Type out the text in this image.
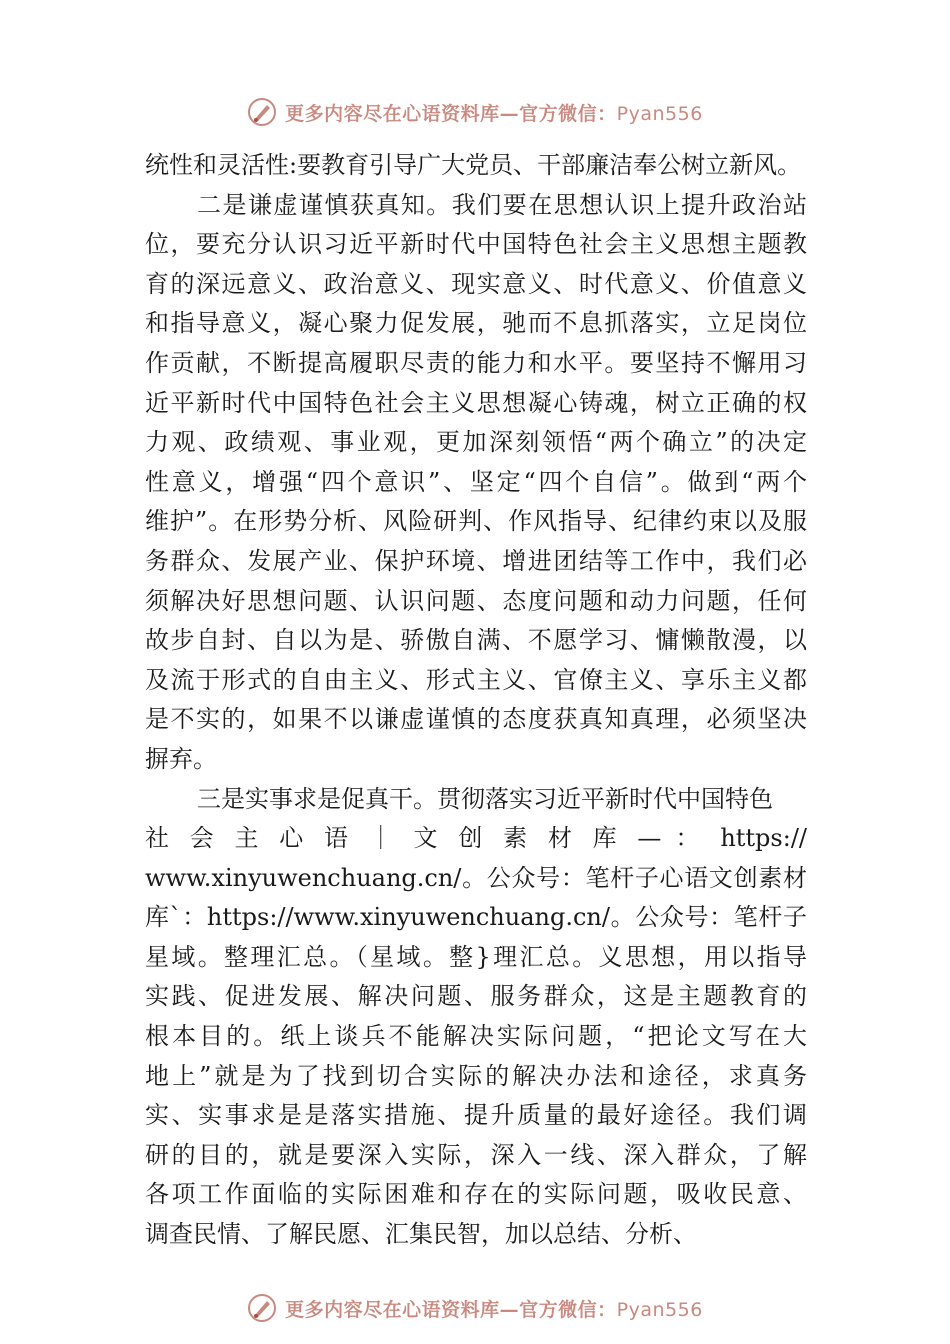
更多内容尽在心语资料库—官方微信：Pyan556
统性和灵活性:要教育引导广大党员、干部廉洁奉公树立新风。
二是谦虚谨慎获真知。我们要在思想认识上提升政治站
位，要充分认识习近平新时代中国特色社会主义思想主题教
育的深远意义、政治意义、现实意义、时代意义、价值意义
和指导意义，凝心聚力促发展，驰而不息抓落实，立足岗位
作贡献，不断提高履职尽责的能力和水平。要坚持不懈用习
近平新时代中国特色社会主义思想凝心铸魂，树立正确的权
力观、政绩观、事业观，更加深刻领悟“两个确立”的决定
性意义，增强“四个意识”、坚定“四个自信”。做到“两个
维护”。在形势分析、风险研判、作风指导、纪律约束以及服
务群众、发展产业、保护环境、增进团结等工作中，我们必
须解决好思想问题、认识问题、态度问题和动力问题，任何
故步自封、自以为是、骄傲自满、不愿学习、慵懒散漫，以
及流于形式的自由主义、形式主义、官僚主义、享乐主义都
是不实的，如果不以谦虚谨慎的态度获真知真理，必须坚决
摒弃。
三是实事求是促真干。贯彻落实习近平新时代中国特色
社 会 主 心 语 ｜ 文 创 素 材 库 — ： https://
www.xinyuwenchuang.cn/。公众号：笔杆子心语文创素材
库`：https://www.xinyuwenchuang.cn/。公众号：笔杆子
星域。整理汇总。（星域。整}理汇总。义思想，用以指导
实践、促进发展、解决问题、服务群众，这是主题教育的
根本目的。纸上谈兵不能解决实际问题，“把论文写在大
地上”就是为了找到切合实际的解决办法和途径，求真务
实、实事求是是落实措施、提升质量的最好途径。我们调
研的目的，就是要深入实际，深入一线、深入群众，了解
各项工作面临的实际困难和存在的实际问题，吸收民意、
调查民情、了解民愿、汇集民智，加以总结、分析、
更多内容尽在心语资料库—官方微信：Pyan556
